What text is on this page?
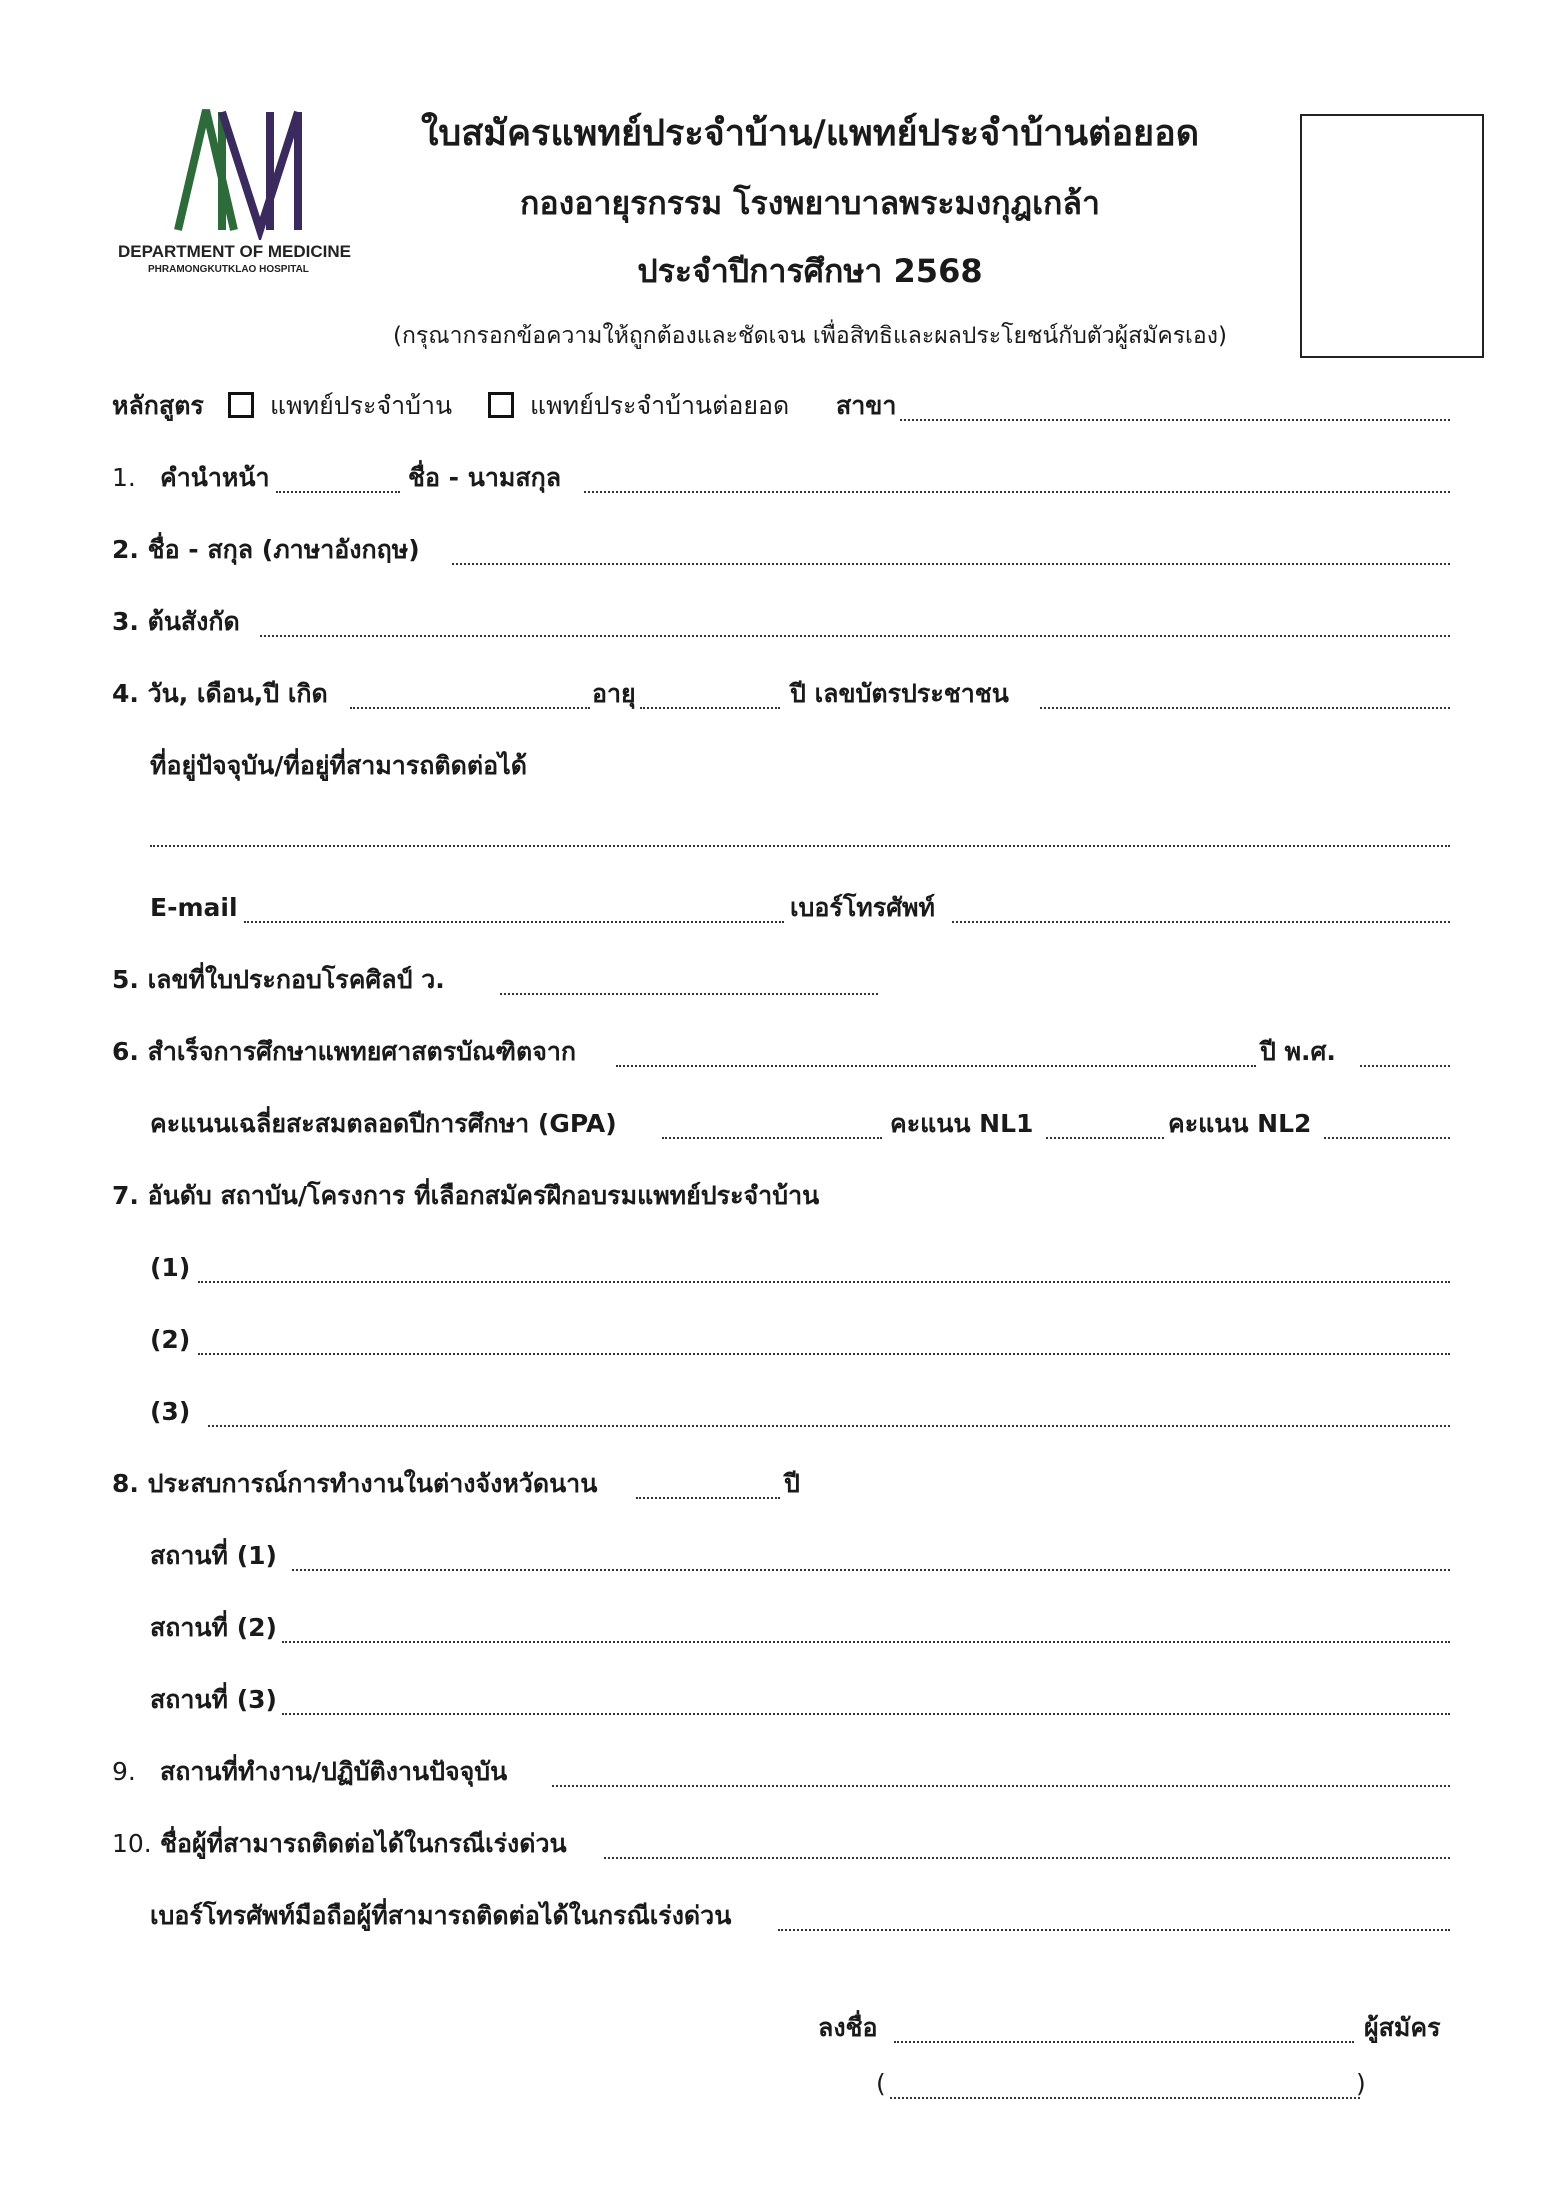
DEPARTMENT OF MEDICINE
PHRAMONGKUTKLAO HOSPITAL
ใบสมัครแพทย์ประจำบ้าน/แพทย์ประจำบ้านต่อยอด
กองอายุรกรรม โรงพยาบาลพระมงกุฎเกล้า
ประจำปีการศึกษา 2568
(กรุณากรอกข้อความให้ถูกต้องและชัดเจน เพื่อสิทธิและผลประโยชน์กับตัวผู้สมัครเอง)
หลักสูตร	แพทย์ประจำบ้าน	แพทย์ประจำบ้านต่อยอด สาขา
1. คำนำหน้า	ชื่อ - นามสกุล
2. ชื่อ - สกุล (ภาษาอังกฤษ)
3. ต้นสังกัด
4. วัน, เดือน,ปี เกิด	อายุ	ปี เลขบัตรประชาชน
ที่อยู่ปัจจุบัน/ที่อยู่ที่สามารถติดต่อได้
E-mail	เบอร์โทรศัพท์
5. เลขที่ใบประกอบโรคศิลป์ ว.
6. สำเร็จการศึกษาแพทยศาสตรบัณฑิตจาก	ปี พ.ศ.
คะแนนเฉลี่ยสะสมตลอดปีการศึกษา (GPA)	คะแนน NL1	คะแนน NL2
7. อันดับ สถาบัน/โครงการ ที่เลือกสมัครฝึกอบรมแพทย์ประจำบ้าน
(1)
(2)
(3)
8. ประสบการณ์การทำงานในต่างจังหวัดนาน	ปี
สถานที่ (1)
สถานที่ (2)
สถานที่ (3)
9. สถานที่ทำงาน/ปฏิบัติงานปัจจุบัน
10. ชื่อผู้ที่สามารถติดต่อได้ในกรณีเร่งด่วน
เบอร์โทรศัพท์มือถือผู้ที่สามารถติดต่อได้ในกรณีเร่งด่วน
ลงชื่อ	ผู้สมัคร
(	)
